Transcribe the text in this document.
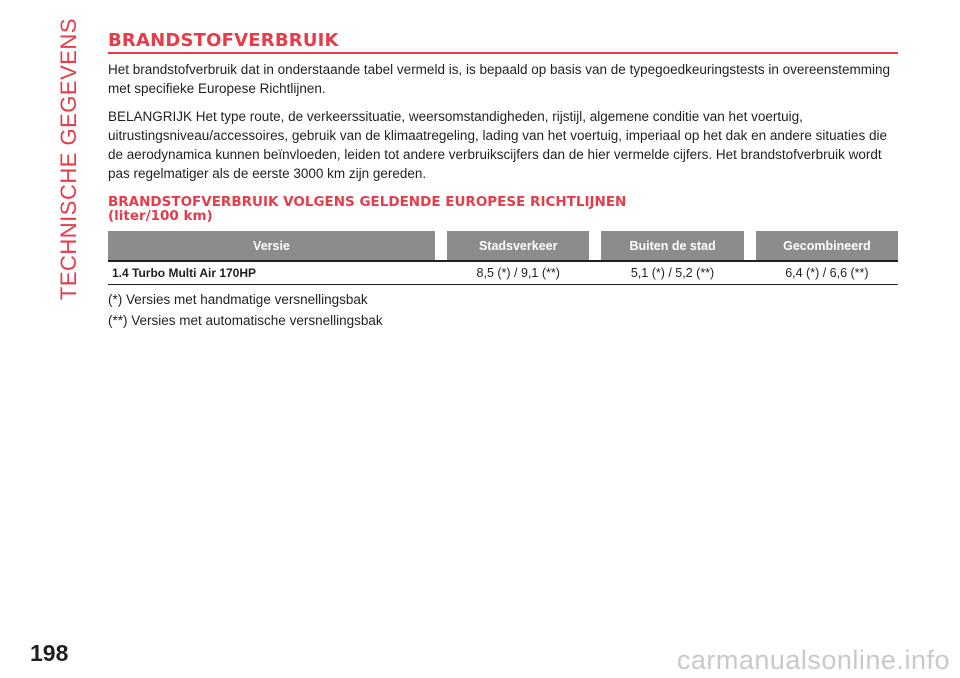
TECHNISCHE GEGEVENS BRANDSTOFVERBRUIK

Het brandstofverbruik dat in onderstaande tabel vermeld is, is bepaald op basis van de typegoedkeuringstests in overeenstemming met specifieke Europese Richtlijnen.

BELANGRIJK Het type route, de verkeerssituatie, weersomstandigheden, rijstijl, algemene conditie van het voertuig, uitrustingsniveau/accessoires, gebruik van de klimaatregeling, lading van het voertuig, imperiaal op het dak en andere situaties die de aerodynamica kunnen beïnvloeden, leiden tot andere verbruikscijfers dan de hier vermelde cijfers. Het brandstofverbruik wordt pas regelmatiger als de eerste 3000 km zijn gereden.

BRANDSTOFVERBRUIK VOLGENS GELDENDE EUROPESE RICHTLIJNEN
(liter/100 km)
Versie		Stadsverkeer		Buiten de stad		Gecombineerd
1.4 Turbo Multi Air 170HP		8,5 (*) / 9,1 (**)		5,1 (*) / 5,2 (**)		6,4 (*) / 6,6 (**)
(*) Versies met handmatige versnellingsbak
(**) Versies met automatische versnellingsbak
198	carmanualsonline.info
